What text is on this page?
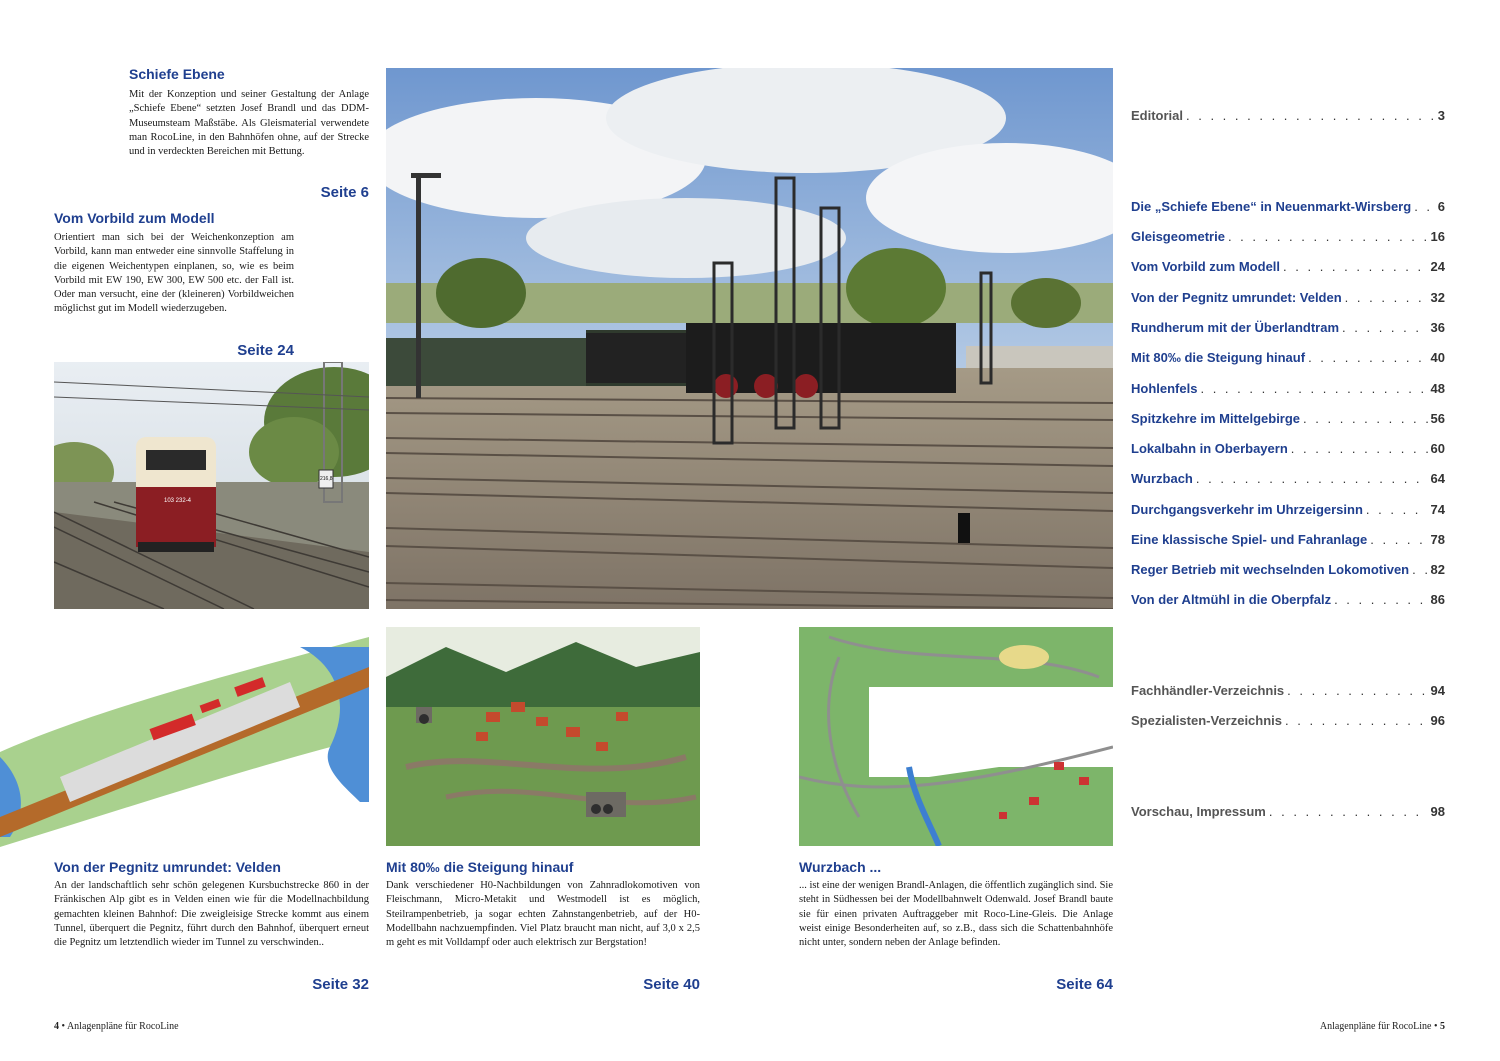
Schiefe Ebene

Mit der Konzeption und seiner Gestaltung der Anlage „Schiefe Ebene“ setzten Josef Brandl und das DDM-Museumsteam Maßstäbe. Als Gleismaterial verwendete man RocoLine, in den Bahnhöfen ohne, auf der Strecke und in verdeckten Bereichen mit Bettung.

Seite 6
Vom Vorbild zum Modell

Orientiert man sich bei der Weichenkonzeption am Vorbild, kann man entweder eine sinnvolle Staffelung in die eigenen Weichentypen einplanen, so, wie es beim Vorbild mit EW 190, EW 300, EW 500 etc. der Fall ist. Oder man versucht, eine der (kleineren) Vorbildweichen möglichst gut im Modell wiederzugeben.

Seite 24
103 232-4
216,8
Von der Pegnitz umrundet: Velden

An der landschaftlich sehr schön gelegenen Kursbuchstrecke 860 in der Fränkischen Alp gibt es in Velden einen wie für die Modellnachbildung gemachten kleinen Bahnhof: Die zweigleisige Strecke kommt aus einem Tunnel, überquert die Pegnitz, führt durch den Bahnhof, überquert erneut die Pegnitz um letztendlich wieder im Tunnel zu verschwinden..

Seite 32
Mit 80‰ die Steigung hinauf

Dank verschiedener H0-Nachbildungen von Zahnradlokomotiven von Fleischmann, Micro-Metakit und Westmodell ist es möglich, Steilrampenbetrieb, ja sogar echten Zahnstangenbetrieb, auf der H0-Modellbahn nachzuempfinden. Viel Platz braucht man nicht, auf 3,0 x 2,5 m geht es mit Volldampf oder auch elektrisch zur Bergstation!

Seite 40
Wurzbach ...

... ist eine der wenigen Brandl-Anlagen, die öffentlich zugänglich sind. Sie steht in Südhessen bei der Modellbahnwelt Odenwald. Josef Brandl baute sie für einen privaten Auftraggeber mit Roco-Line-Gleis. Die Anlage weist einige Besonderheiten auf, so z.B., dass sich die Schattenbahnhöfe nicht unter, sondern neben der Anlage befinden.

Seite 64
Editorial . . .	3
Die „Schiefe Ebene“ in Neuenmarkt-Wirsberg . . . 6
Gleisgeometrie . . .	16
Vom Vorbild zum Modell . . .	24
Von der Pegnitz umrundet: Velden . . .	32
Rundherum mit der Überlandtram . . .	36
Mit 80‰ die Steigung hinauf . . .	40
Hohlenfels . . .	48
Spitzkehre im Mittelgebirge . . .	56
Lokalbahn in Oberbayern . . .	60
Wurzbach . . .	64
Durchgangsverkehr im Uhrzeigersinn . . .	74
Eine klassische Spiel- und Fahranlage . . .	78
Reger Betrieb mit wechselnden Lokomotiven . . . 82
Von der Altmühl in die Oberpfalz . . .	86
Fachhändler-Verzeichnis . . .	94
Spezialisten-Verzeichnis . . .	96
Vorschau, Impressum . . .	98
4 • Anlagenpläne für RocoLine	Anlagenpläne für RocoLine • 5
